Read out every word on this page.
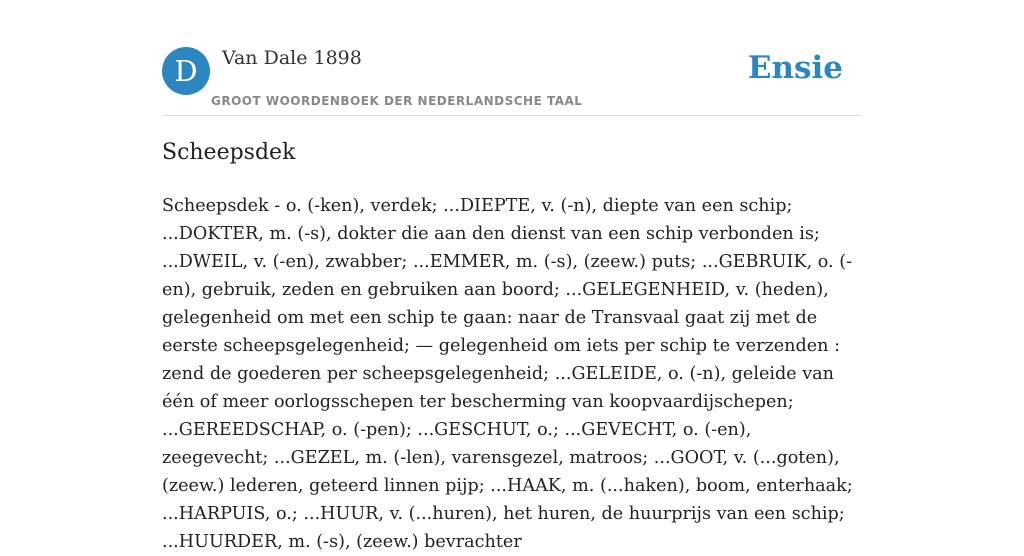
D	Van Dale 1898
GROOT WOORDENBOEK DER NEDERLANDSCHE TAAL
Ensie
Scheepsdek

Scheepsdek - o. (-ken), verdek; ...DIEPTE, v. (-n), diepte van een schip; ...DOKTER, m. (-s), dokter die aan den dienst van een schip verbonden is; ...DWEIL, v. (-en), zwabber; ...EMMER, m. (-s), (zeew.) puts; ...GEBRUIK, o. (-en), gebruik, zeden en gebruiken aan boord; ...GELEGENHEID, v. (heden), gelegenheid om met een schip te gaan: naar de Transvaal gaat zij met de eerste scheepsgelegenheid; — gelegenheid om iets per schip te verzenden : zend de goederen per scheepsgelegenheid; ...GELEIDE, o. (-n), geleide van één of meer oorlogsschepen ter bescherming van koopvaardijschepen; ...GEREEDSCHAP, o. (-pen); ...GESCHUT, o.; ...GEVECHT, o. (-en), zeegevecht; ...GEZEL, m. (-len), varensgezel, matroos; ...GOOT, v. (...goten), (zeew.) lederen, geteerd linnen pijp; ...HAAK, m. (...haken), boom, enterhaak; ...HARPUIS, o.; ...HUUR, v. (...huren), het huren, de huurprijs van een schip; ...HUURDER, m. (-s), (zeew.) bevrachter
